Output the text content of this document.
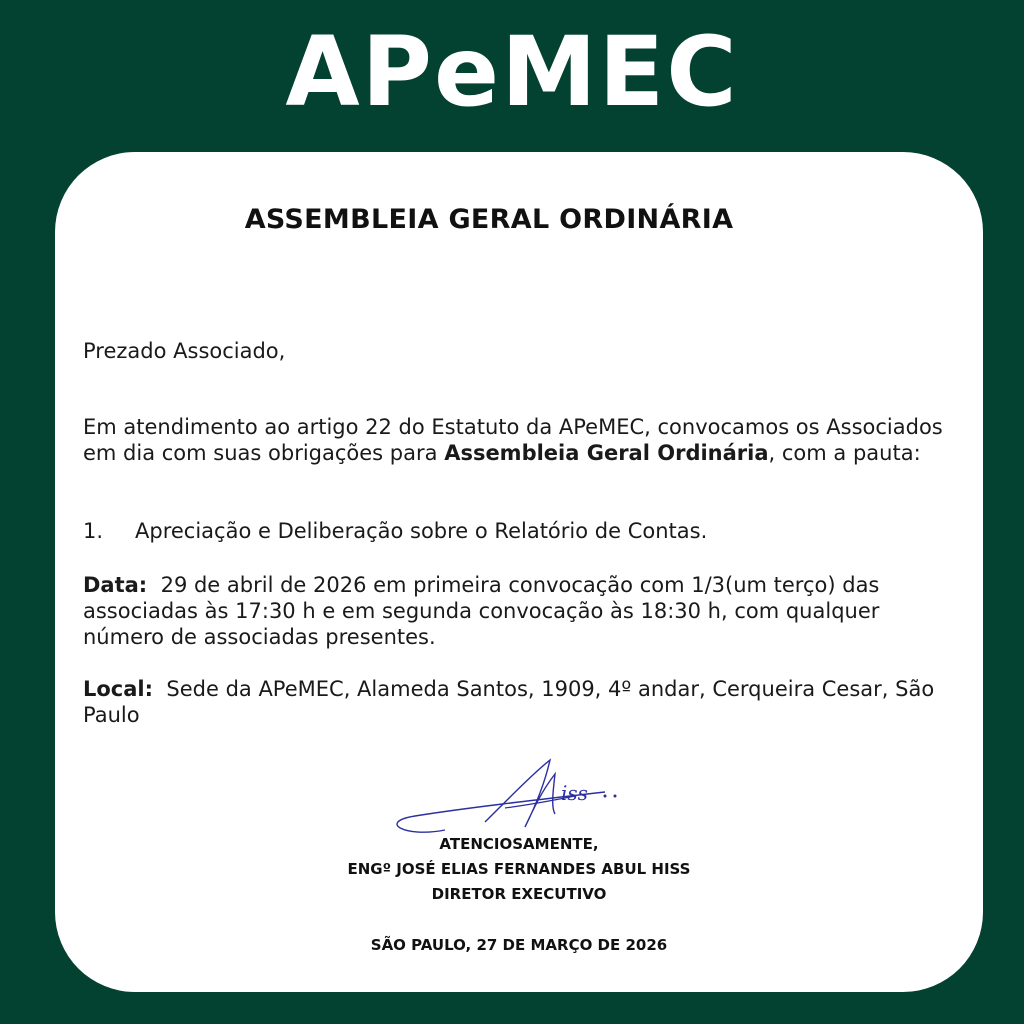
APeMEC
ASSEMBLEIA GERAL ORDINÁRIA
Prezado Associado,
Em atendimento ao artigo 22 do Estatuto da APeMEC, convocamos os Associados em dia com suas obrigações para Assembleia Geral Ordinária, com a pauta:
1. Apreciação e Deliberação sobre o Relatório de Contas.
Data: 29 de abril de 2026 em primeira convocação com 1/3(um terço) das associadas às 17:30 h e em segunda convocação às 18:30 h, com qualquer número de associadas presentes.
Local: Sede da APeMEC, Alameda Santos, 1909, 4º andar, Cerqueira Cesar, São Paulo
iss
ATENCIOSAMENTE,
ENGº JOSÉ ELIAS FERNANDES ABUL HISS
DIRETOR EXECUTIVO
SÃO PAULO, 27 DE MARÇO DE 2026
